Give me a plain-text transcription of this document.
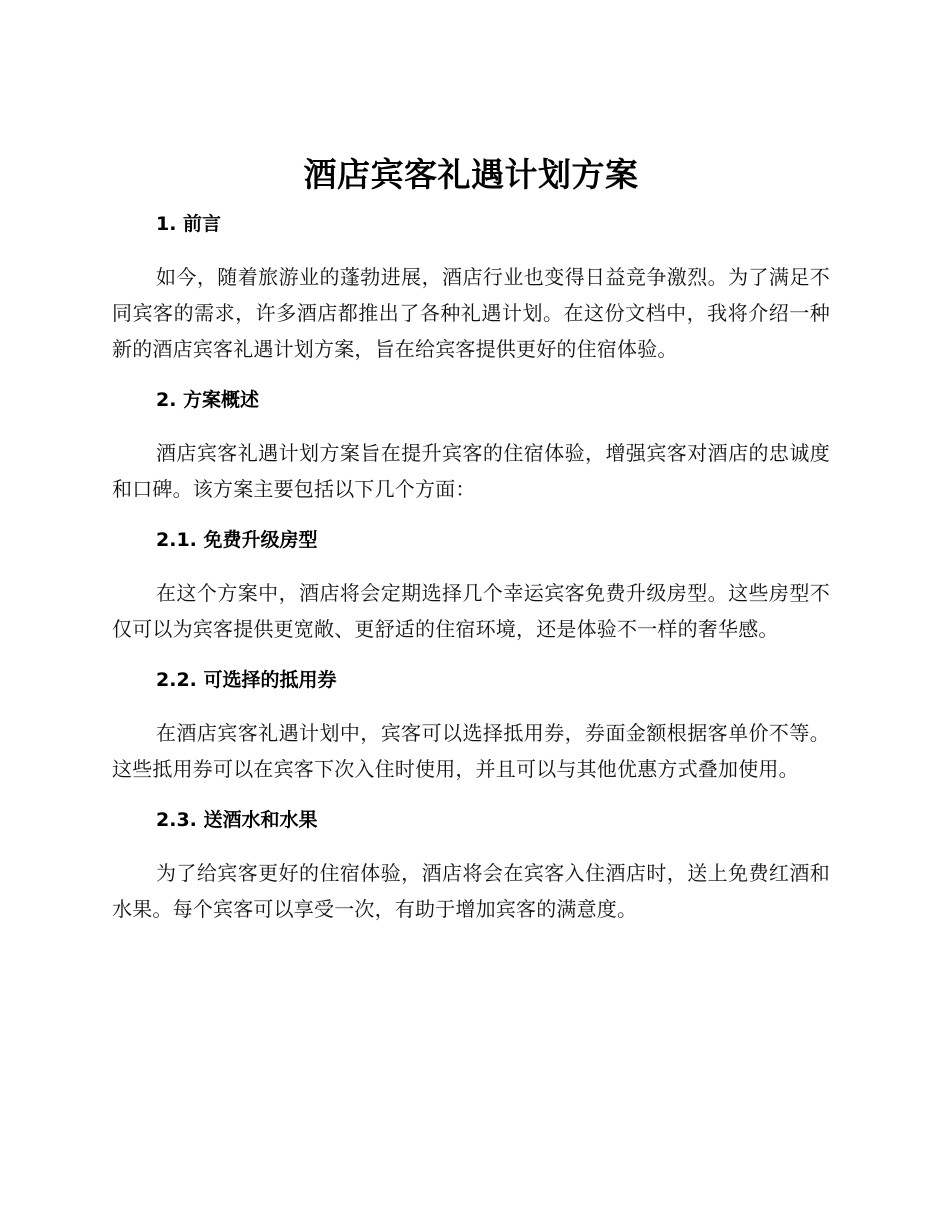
酒店宾客礼遇计划方案
1. 前言

如今，随着旅游业的蓬勃进展，酒店行业也变得日益竞争激烈。为了满足不同宾客的需求，许多酒店都推出了各种礼遇计划。在这份文档中，我将介绍一种新的酒店宾客礼遇计划方案，旨在给宾客提供更好的住宿体验。

2. 方案概述

酒店宾客礼遇计划方案旨在提升宾客的住宿体验，增强宾客对酒店的忠诚度和口碑。该方案主要包括以下几个方面：

2.1. 免费升级房型

在这个方案中，酒店将会定期选择几个幸运宾客免费升级房型。这些房型不仅可以为宾客提供更宽敞、更舒适的住宿环境，还是体验不一样的奢华感。

2.2. 可选择的抵用券

在酒店宾客礼遇计划中，宾客可以选择抵用券，券面金额根据客单价不等。这些抵用券可以在宾客下次入住时使用，并且可以与其他优惠方式叠加使用。

2.3. 送酒水和水果

为了给宾客更好的住宿体验，酒店将会在宾客入住酒店时，送上免费红酒和水果。每个宾客可以享受一次，有助于增加宾客的满意度。
